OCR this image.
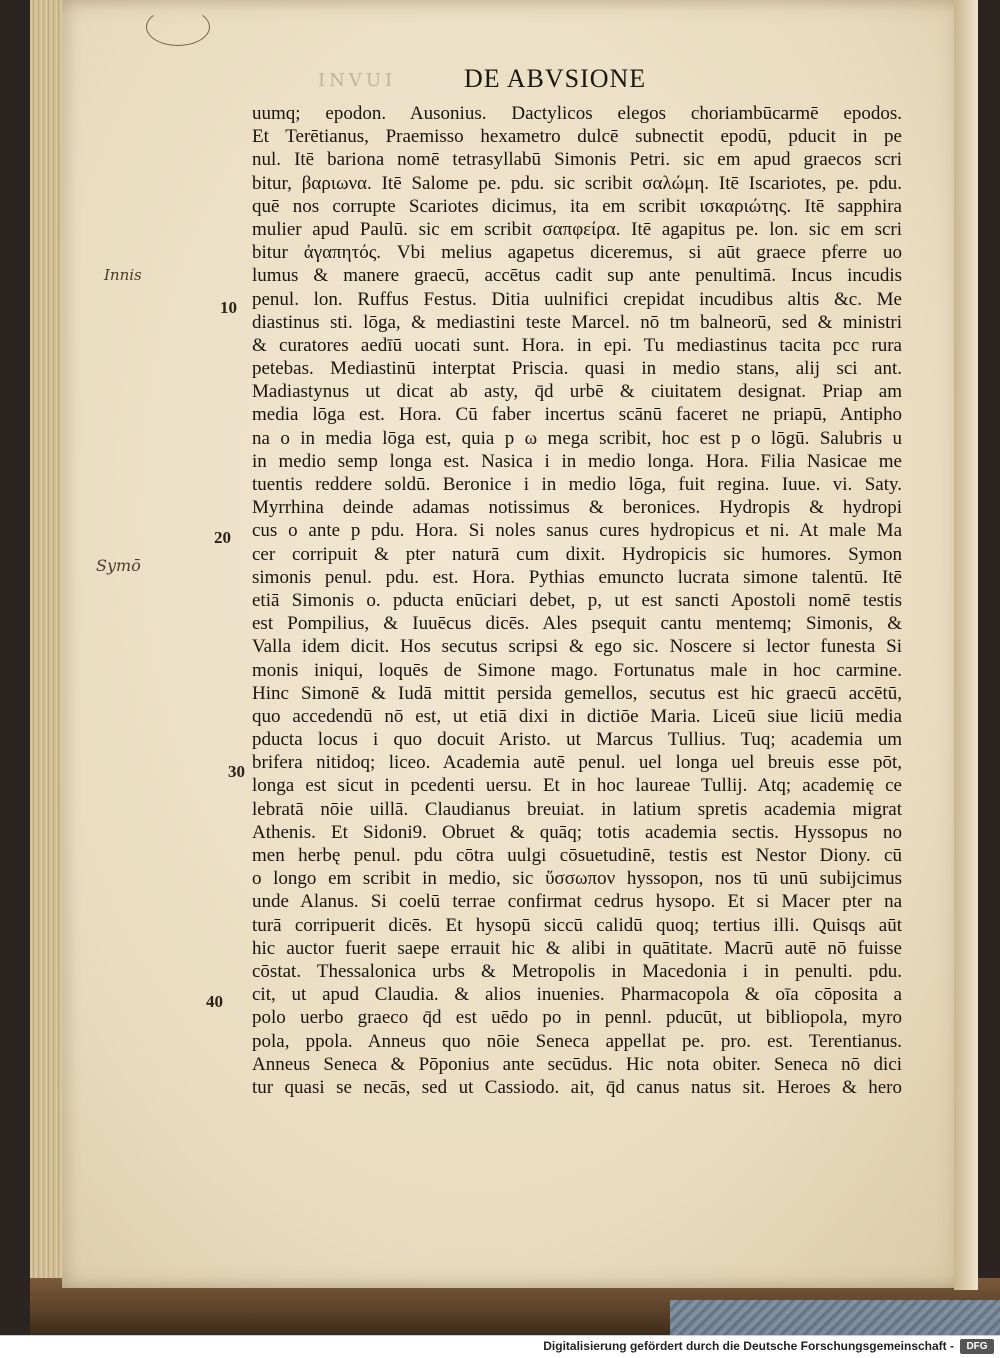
INVUI	DE ABVSIONE
Innis
Symō
10
20
30
40
uumq; epodon. Ausonius. Dactylicos elegos choriambūcarmē epodos.
Et Terētianus, Praemisso hexametro dulcē subnectit epodū, pducit in pe
nul. Itē bariona nomē tetrasyllabū Simonis Petri. sic em apud graecos scri
bitur, βαριωνα. Itē Salome pe. pdu. sic scribit σαλώμη. Itē Iscariotes, pe. pdu.
quē nos corrupte Scariotes dicimus, ita em scribit ισκαριώτης. Itē sapphira
mulier apud Paulū. sic em scribit σαπφείρα. Itē agapitus pe. lon. sic em scri
bitur ἀγαπητός. Vbi melius agapetus diceremus, si aūt graece pferre uo
lumus & manere graecū, accētus cadit sup ante penultimā. Incus incudis
penul. lon. Ruffus Festus. Ditia uulnifici crepidat incudibus altis &c. Me
diastinus sti. lōga, & mediastini teste Marcel. nō tm balneorū, sed & ministri
& curatores aedīū uocati sunt. Hora. in epi. Tu mediastinus tacita pcc rura
petebas. Mediastinū interptat Priscia. quasi in medio stans, alij sci ant.
Madiastynus ut dicat ab asty, q̄d urbē & ciuitatem designat. Priap am
media lōga est. Hora. Cū faber incertus scānū faceret ne priapū, Antipho
na o in media lōga est, quia p ω mega scribit, hoc est p o lōgū. Salubris u
in medio semp longa est. Nasica i in medio longa. Hora. Filia Nasicae me
tuentis reddere soldū. Beronice i in medio lōga, fuit regina. Iuue. vi. Saty.
Myrrhina deinde adamas notissimus & beronices. Hydropis & hydropi
cus o ante p pdu. Hora. Si noles sanus cures hydropicus et ni. At male Ma
cer corripuit & pter naturā cum dixit. Hydropicis sic humores. Symon
simonis penul. pdu. est. Hora. Pythias emuncto lucrata simone talentū. Itē
etiā Simonis o. pducta enūciari debet, p, ut est sancti Apostoli nomē testis
est Pompilius, & Iuuēcus dicēs. Ales psequit cantu mentemq; Simonis, &
Valla idem dicit. Hos secutus scripsi & ego sic. Noscere si lector funesta Si
monis iniqui, loquēs de Simone mago. Fortunatus male in hoc carmine.
Hinc Simonē & Iudā mittit persida gemellos, secutus est hic graecū accētū,
quo accedendū nō est, ut etiā dixi in dictiōe Maria. Liceū siue liciū media
pducta locus i quo docuit Aristo. ut Marcus Tullius. Tuq; academia um
brifera nitidoq; liceo. Academia autē penul. uel longa uel breuis esse pōt,
longa est sicut in pcedenti uersu. Et in hoc laureae Tullij. Atq; academię ce
lebratā nōie uillā. Claudianus breuiat. in latium spretis academia migrat
Athenis. Et Sidoni9. Obruet & quāq; totis academia sectis. Hyssopus no
men herbę penul. pdu cōtra uulgi cōsuetudinē, testis est Nestor Diony. cū
o longo em scribit in medio, sic ὕσσωπον hyssopon, nos tū unū subijcimus
unde Alanus. Si coelū terrae confirmat cedrus hysopo. Et si Macer pter na
turā corripuerit dicēs. Et hysopū siccū calidū quoq; tertius illi. Quisqs aūt
hic auctor fuerit saepe errauit hic & alibi in quātitate. Macrū autē nō fuisse
cōstat. Thessalonica urbs & Metropolis in Macedonia i in penulti. pdu.
cit, ut apud Claudia. & alios inuenies. Pharmacopola & oīa cōposita a
polo uerbo graeco q̄d est uēdo po in pennl. pducūt, ut bibliopola, myro
pola, ppola. Anneus quo nōie Seneca appellat pe. pro. est. Terentianus.
Anneus Seneca & Pōponius ante secūdus. Hic nota obiter. Seneca nō dici
tur quasi se necās, sed ut Cassiodo. ait, q̄d canus natus sit. Heroes & hero
Digitalisierung gefördert durch die Deutsche Forschungsgemeinschaft -	DFG
